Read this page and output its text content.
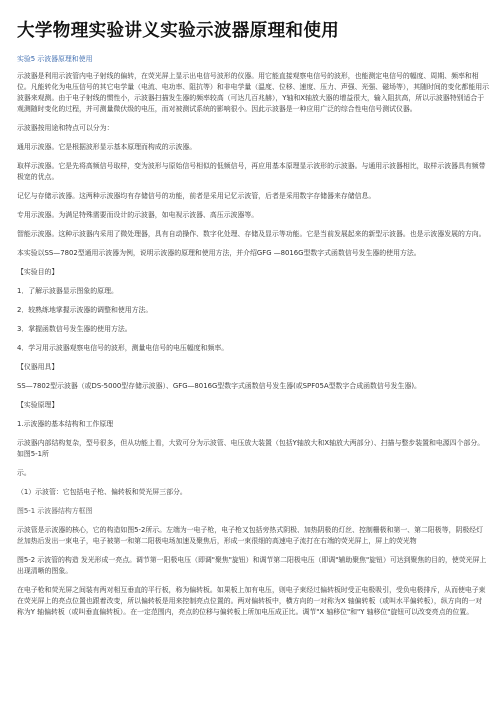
大学物理实验讲义实验示波器原理和使用

实验5 示波器原理和使用

示波器是利用示波管内电子射线的偏转，在荧光屏上显示出电信号波形的仪器。用它能直接观察电信号的波形，也能测定电信号的幅度、周期、频率和相位。凡能转化为电压信号的其它电学量（电流、电功率、阻抗等）和非电学量（温度、位移、速度、压力、声强、光强、磁场等），其随时间的变化都能用示波器来观测。由于电子射线的惯性小，示波器扫描发生器的频率较高（可达几百兆赫），Y轴和X轴放大器的增益很大，输入阻抗高，所以示波器特别适合于观测随时变化的过程，并可测量微伏级的电压，而对被测试系统的影响很小。因此示波器是一种应用广泛的综合性电信号测试仪器。

示波器按用途和特点可以分为：

通用示波器。它是根据波形显示基本原理而构成的示波器。

取样示波器。它是先将高频信号取样，变为波形与原始信号相似的低频信号，再应用基本原理显示波形的示波器。与通用示波器相比，取样示波器具有频带极宽的优点。

记忆与存储示波器。这两种示波器均有存储信号的功能，前者是采用记忆示波管，后者是采用数字存储器来存储信息。

专用示波器。为满足特殊需要而设计的示波器，如电视示波器、高压示波器等。

智能示波器。这种示波器内采用了微处理器，具有自动操作、数字化处理、存储及显示等功能。它是当前发展起来的新型示波器。也是示波器发展的方向。

本实验以SS—7802型通用示波器为例，说明示波器的原理和使用方法，并介绍GFG —8016G型数字式函数信号发生器的使用方法。

【实验目的】

1．了解示波器显示图象的原理。

2．较熟练地掌握示波器的调整和使用方法。

3．掌握函数信号发生器的使用方法。

4．学习用示波器观察电信号的波形，测量电信号的电压幅度和频率。

【仪器用具】

SS—7802型示波器（或DS-5000型存储示波器）、GFG—8016G型数字式函数信号发生器(或SPF05A型数字合成函数信号发生器)。

【实验原理】

1.示波器的基本结构和工作原理

示波器内部结构复杂，型号很多，但从功能上看，大致可分为示波管、电压放大装置（包括Y轴放大和X轴放大两部分）、扫描与整步装置和电源四个部分。如图5-1所

示。

（1）示波管：它包括电子枪、偏转板和荧光屏三部分。

图5-1 示波器结构方框图

示波管是示波器的核心，它的构造如图5-2所示。左端为一电子枪，电子枪又包括旁热式阴极、加热阴极的灯丝、控制栅极和第一、第二阳极等，阴极经灯丝加热后发出一束电子，电子被第一和第二阳极电场加速及聚焦后，形成一束很细的高速电子流打在右端的荧光屏上，屏上的荧光物

图5-2 示波管的构造 发光形成一亮点。调节第一阳极电压（即调"聚焦"旋钮）和调节第二阳极电压（即调"辅助聚焦"旋钮）可达到聚焦的目的，使荧光屏上出现清晰的图象。

在电子枪和荧光屏之间装有两对相互垂直的平行板，称为偏转板。如果板上加有电压，则电子束经过偏转板时受正电极吸引，受负电极排斥，从而使电子束在荧光屏上的亮点位置也跟着改变，所以偏转板是用来控制亮点位置的。两对偏转板中，横方向的一对称为X 轴偏转板（或叫水平偏转板），纵方向的一对称为Y 轴偏转板（或叫垂直偏转板）。在一定范围内，亮点的位移与偏转板上所加电压成正比。调节"X 轴移位"和"Y 轴移位"旋钮可以改变亮点的位置。
